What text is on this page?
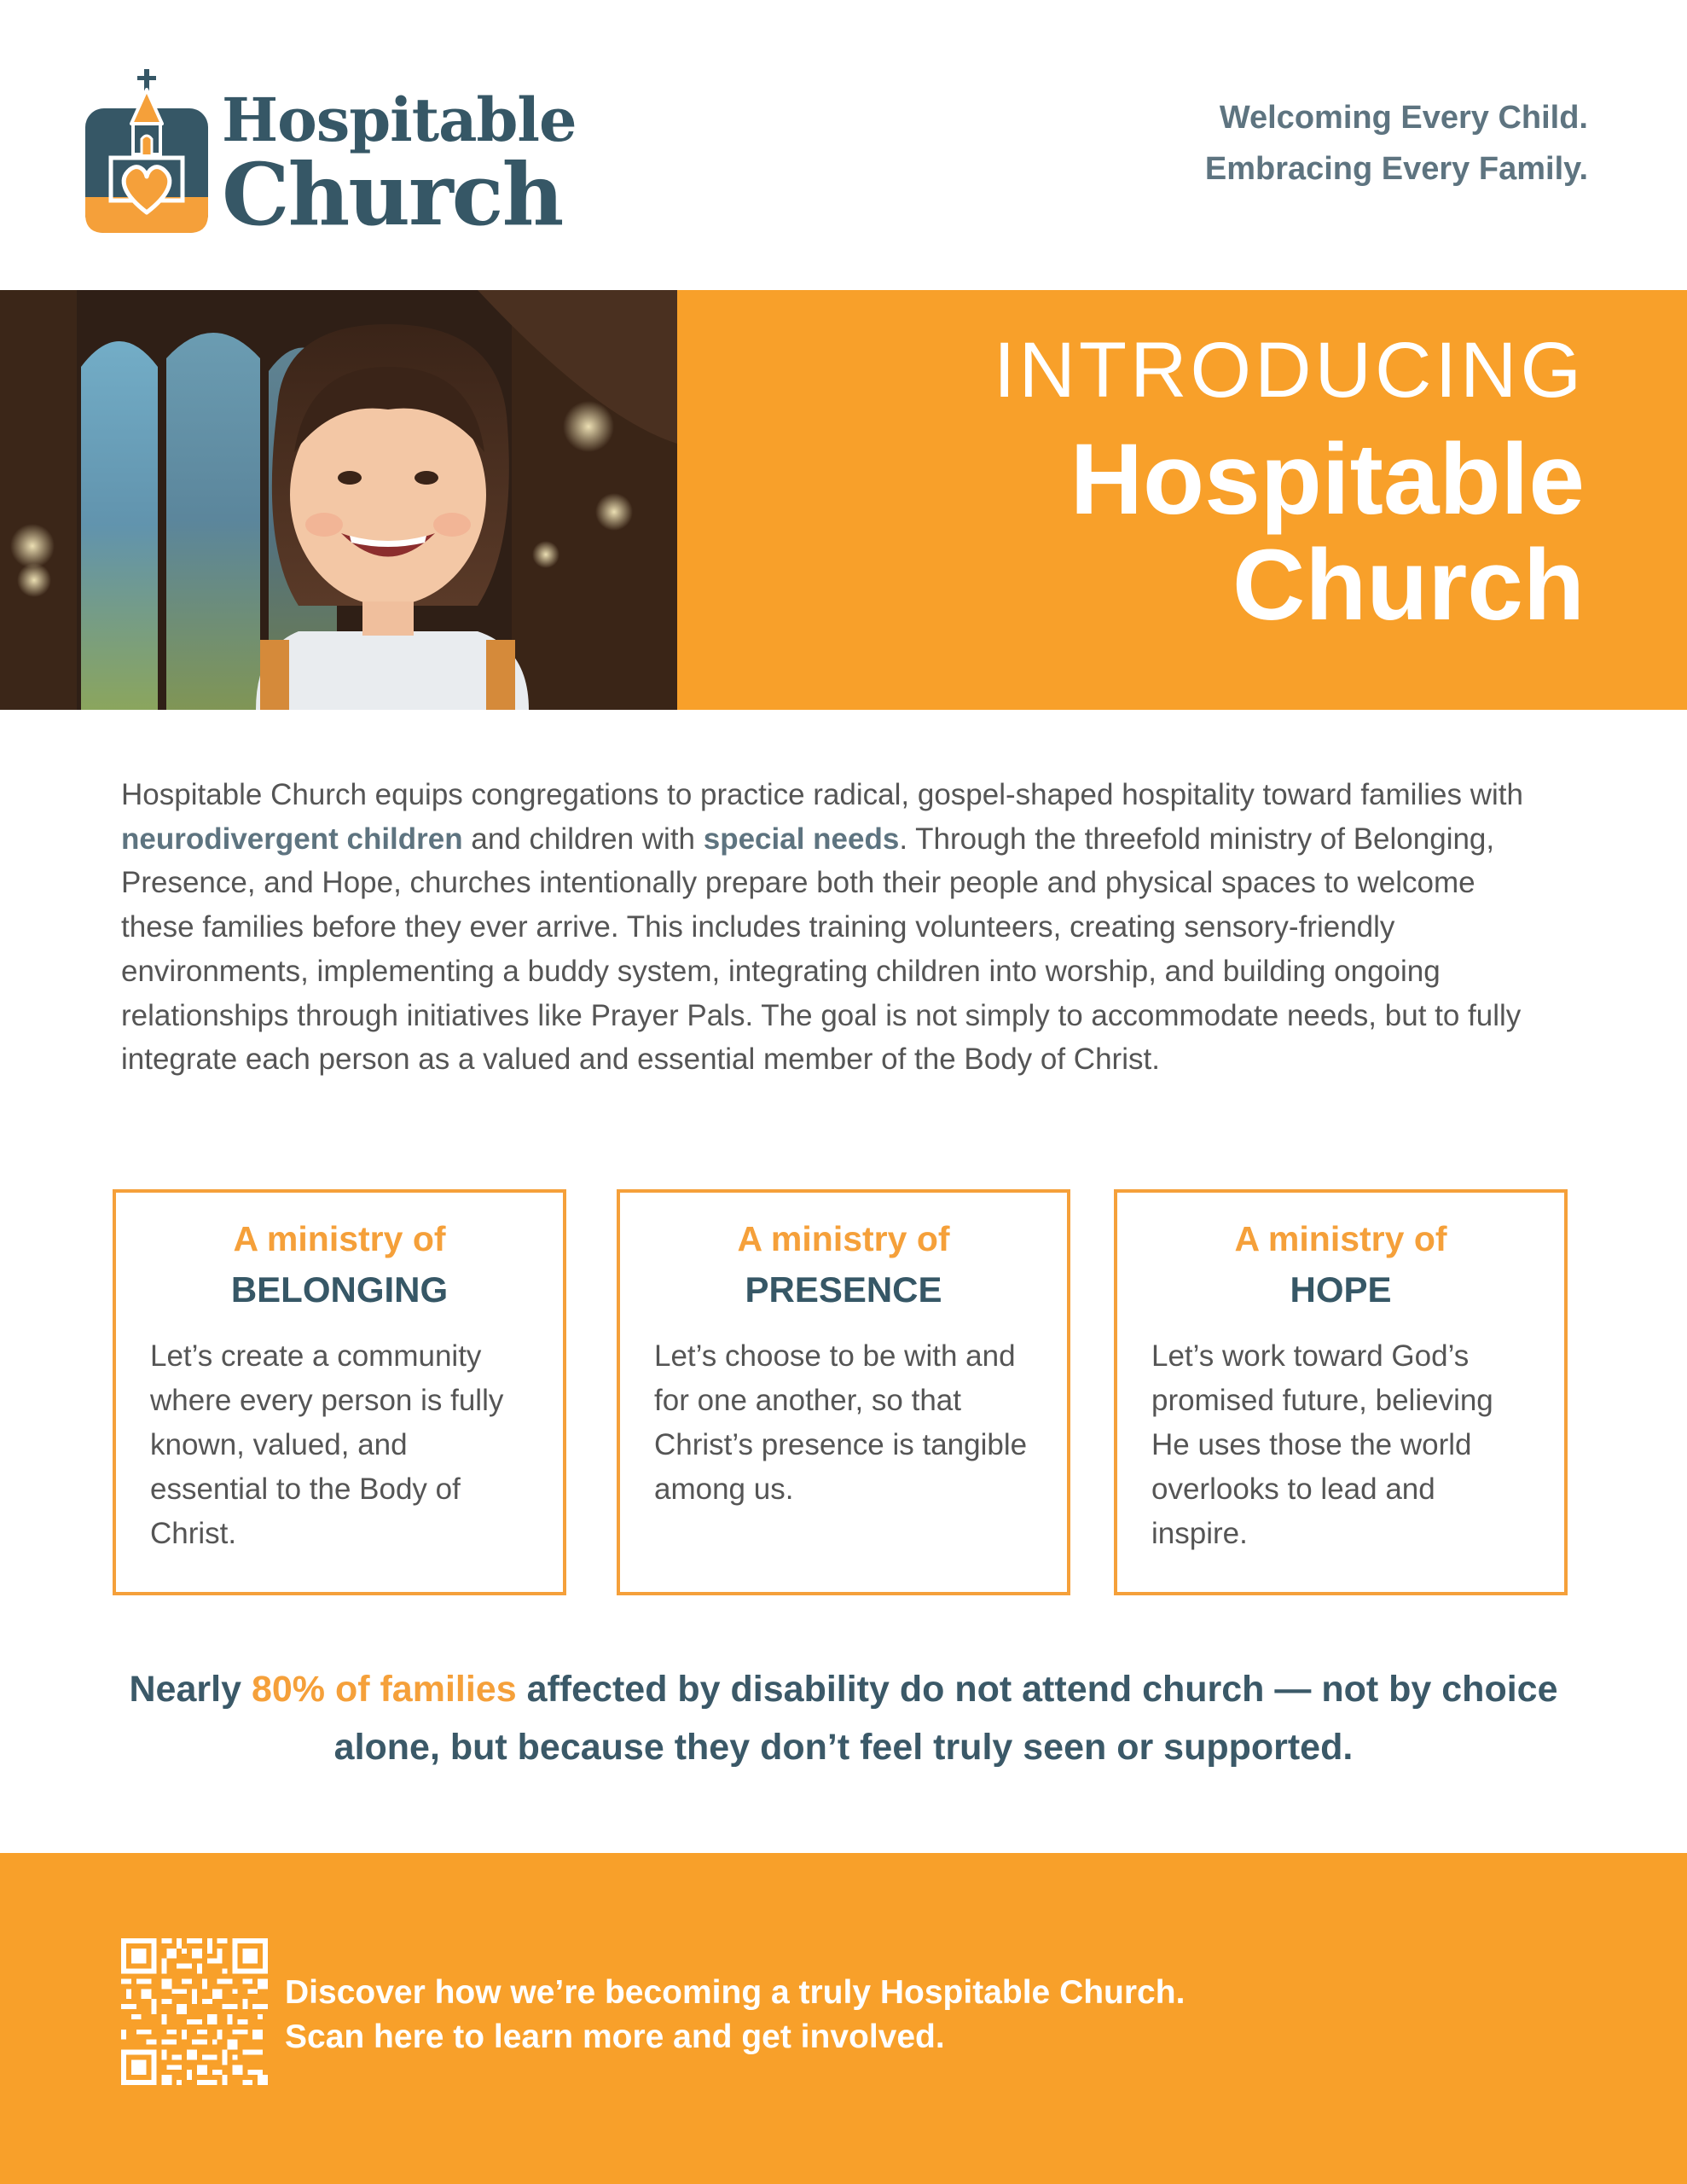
Hospitable
Church
Welcoming Every Child.
Embracing Every Family.
INTRODUCING
Hospitable
Church
Hospitable Church equips congregations to practice radical, gospel-shaped hospitality toward families with neurodivergent children and children with special needs. Through the threefold ministry of Belonging, Presence, and Hope, churches intentionally prepare both their people and physical spaces to welcome these families before they ever arrive. This includes training volunteers, creating sensory-friendly environments, implementing a buddy system, integrating children into worship, and building ongoing relationships through initiatives like Prayer Pals. The goal is not simply to accommodate needs, but to fully integrate each person as a valued and essential member of the Body of Christ.
A ministry of
BELONGING
Let’s create a community where every person is fully known, valued, and essential to the Body of Christ.
A ministry of
PRESENCE
Let’s choose to be with and for one another, so that Christ’s presence is tangible among us.
A ministry of
HOPE
Let’s work toward God’s promised future, believing He uses those the world overlooks to lead and inspire.
Nearly 80% of families affected by disability do not attend church — not by choice alone, but because they don’t feel truly seen or supported.
Discover how we’re becoming a truly Hospitable Church.
Scan here to learn more and get involved.
